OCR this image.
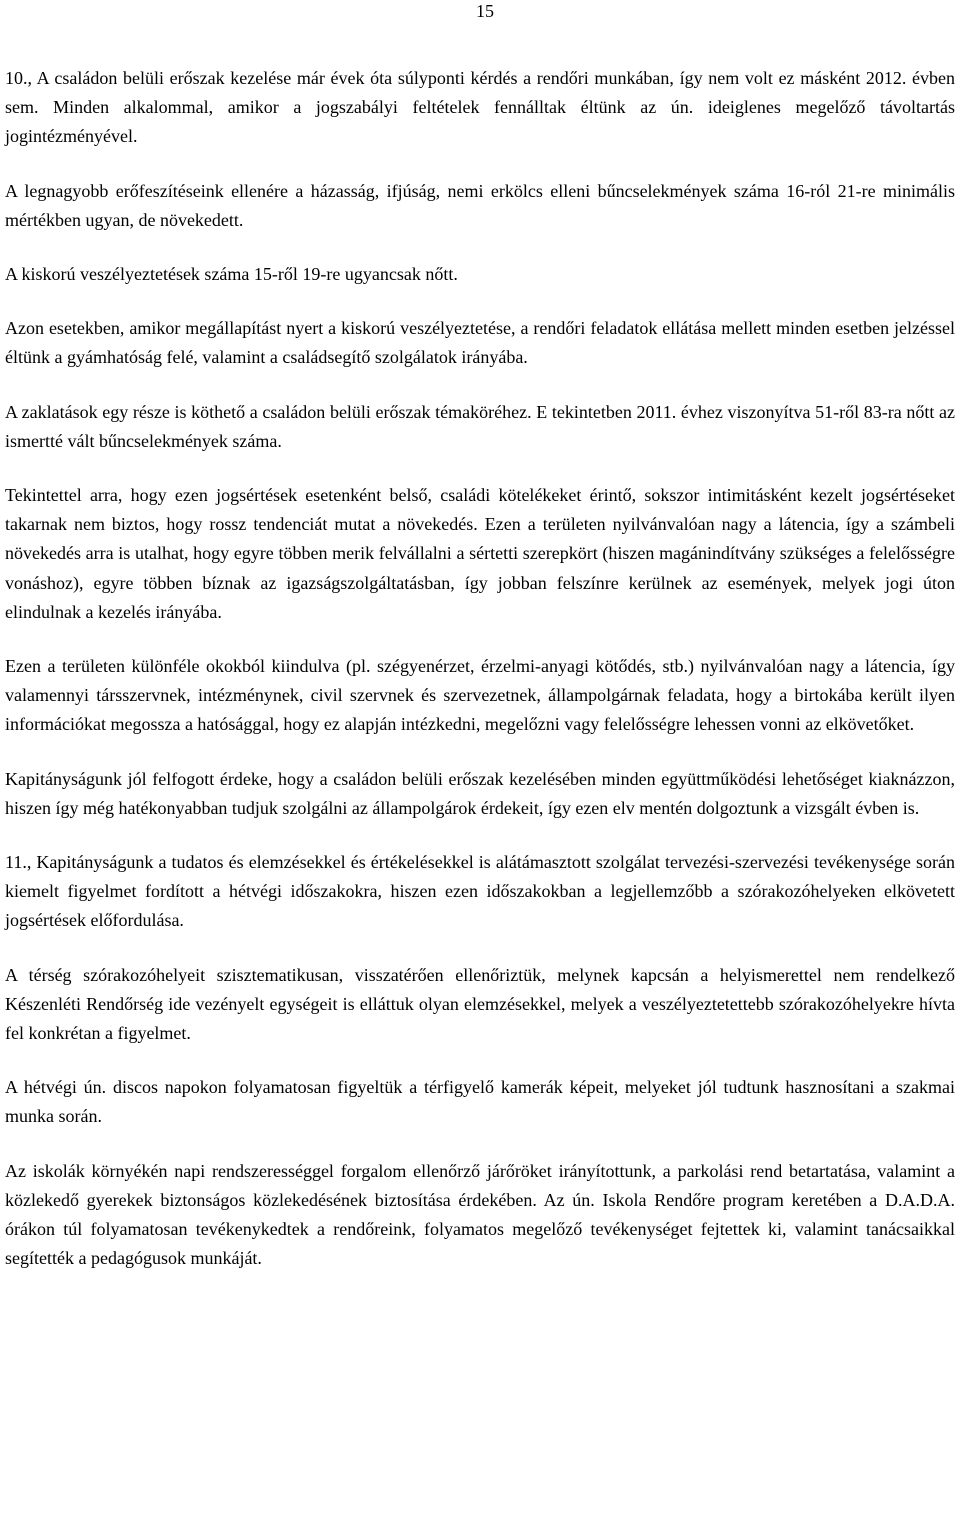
15

10., A családon belüli erőszak kezelése már évek óta súlyponti kérdés a rendőri munkában, így nem volt ez másként 2012. évben sem. Minden alkalommal, amikor a jogszabályi feltételek fennálltak éltünk az ún. ideiglenes megelőző távoltartás jogintézményével.

A legnagyobb erőfeszítéseink ellenére a házasság, ifjúság, nemi erkölcs elleni bűncselekmények száma 16-ról 21-re minimális mértékben ugyan, de növekedett.

A kiskorú veszélyeztetések száma 15-ről 19-re ugyancsak nőtt.

Azon esetekben, amikor megállapítást nyert a kiskorú veszélyeztetése, a rendőri feladatok ellátása mellett minden esetben jelzéssel éltünk a gyámhatóság felé, valamint a családsegítő szolgálatok irányába.

A zaklatások egy része is köthető a családon belüli erőszak témaköréhez. E tekintetben 2011. évhez viszonyítva 51-ről 83-ra nőtt az ismertté vált bűncselekmények száma.

Tekintettel arra, hogy ezen jogsértések esetenként belső, családi kötelékeket érintő, sokszor intimitásként kezelt jogsértéseket takarnak nem biztos, hogy rossz tendenciát mutat a növekedés. Ezen a területen nyilvánvalóan nagy a látencia, így a számbeli növekedés arra is utalhat, hogy egyre többen merik felvállalni a sértetti szerepkört (hiszen magánindítvány szükséges a felelősségre vonáshoz), egyre többen bíznak az igazságszolgáltatásban, így jobban felszínre kerülnek az események, melyek jogi úton elindulnak a kezelés irányába.

Ezen a területen különféle okokból kiindulva (pl. szégyenérzet, érzelmi-anyagi kötődés, stb.) nyilvánvalóan nagy a látencia, így valamennyi társszervnek, intézménynek, civil szervnek és szervezetnek, állampolgárnak feladata, hogy a birtokába került ilyen információkat megossza a hatósággal, hogy ez alapján intézkedni, megelőzni vagy felelősségre lehessen vonni az elkövetőket.

Kapitányságunk jól felfogott érdeke, hogy a családon belüli erőszak kezelésében minden együttműködési lehetőséget kiaknázzon, hiszen így még hatékonyabban tudjuk szolgálni az állampolgárok érdekeit, így ezen elv mentén dolgoztunk a vizsgált évben is.

11., Kapitányságunk a tudatos és elemzésekkel és értékelésekkel is alátámasztott szolgálat tervezési-szervezési tevékenysége során kiemelt figyelmet fordított a hétvégi időszakokra, hiszen ezen időszakokban a legjellemzőbb a szórakozóhelyeken elkövetett jogsértések előfordulása.

A térség szórakozóhelyeit szisztematikusan, visszatérően ellenőriztük, melynek kapcsán a helyismerettel nem rendelkező Készenléti Rendőrség ide vezényelt egységeit is elláttuk olyan elemzésekkel, melyek a veszélyeztetettebb szórakozóhelyekre hívta fel konkrétan a figyelmet.

A hétvégi ún. discos napokon folyamatosan figyeltük a térfigyelő kamerák képeit, melyeket jól tudtunk hasznosítani a szakmai munka során.

Az iskolák környékén napi rendszerességgel forgalom ellenőrző járőröket irányítottunk, a parkolási rend betartatása, valamint a közlekedő gyerekek biztonságos közlekedésének biztosítása érdekében. Az ún. Iskola Rendőre program keretében a D.A.D.A. órákon túl folyamatosan tevékenykedtek a rendőreink, folyamatos megelőző tevékenységet fejtettek ki, valamint tanácsaikkal segítették a pedagógusok munkáját.
